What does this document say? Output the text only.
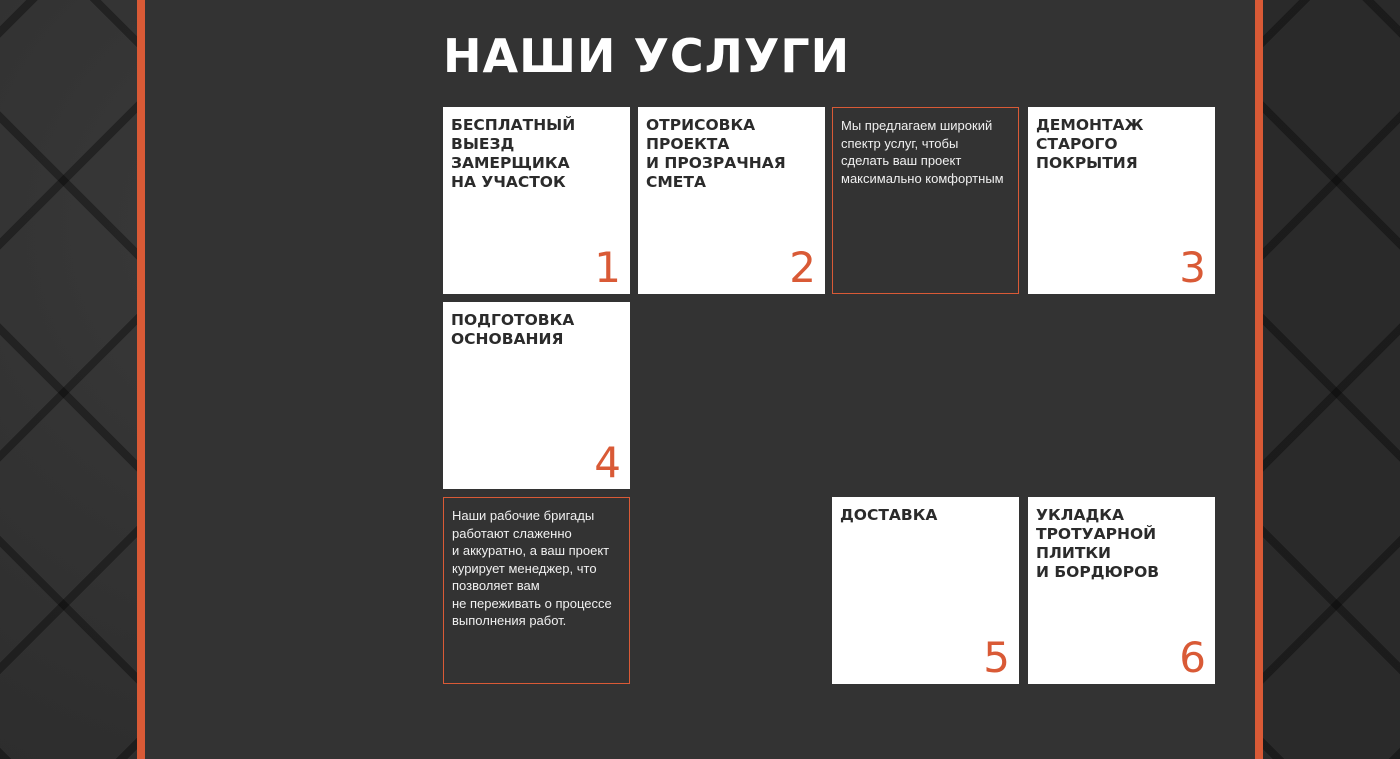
НАШИ УСЛУГИ

БЕСПЛАТНЫЙ
ВЫЕЗД
ЗАМЕРЩИКА
НА УЧАСТОК

1

ОТРИСОВКА
ПРОЕКТА
И ПРОЗРАЧНАЯ
СМЕТА

2

Мы предлагаем широкий
спектр услуг, чтобы
сделать ваш проект
максимально комфортным

ДЕМОНТАЖ
СТАРОГО
ПОКРЫТИЯ

3

ПОДГОТОВКА
ОСНОВАНИЯ

4

Наши рабочие бригады
работают слаженно
и аккуратно, а ваш проект
курирует менеджер, что
позволяет вам
не переживать о процессе
выполнения работ.

ДОСТАВКА

5

УКЛАДКА
ТРОТУАРНОЙ
ПЛИТКИ
И БОРДЮРОВ

6
